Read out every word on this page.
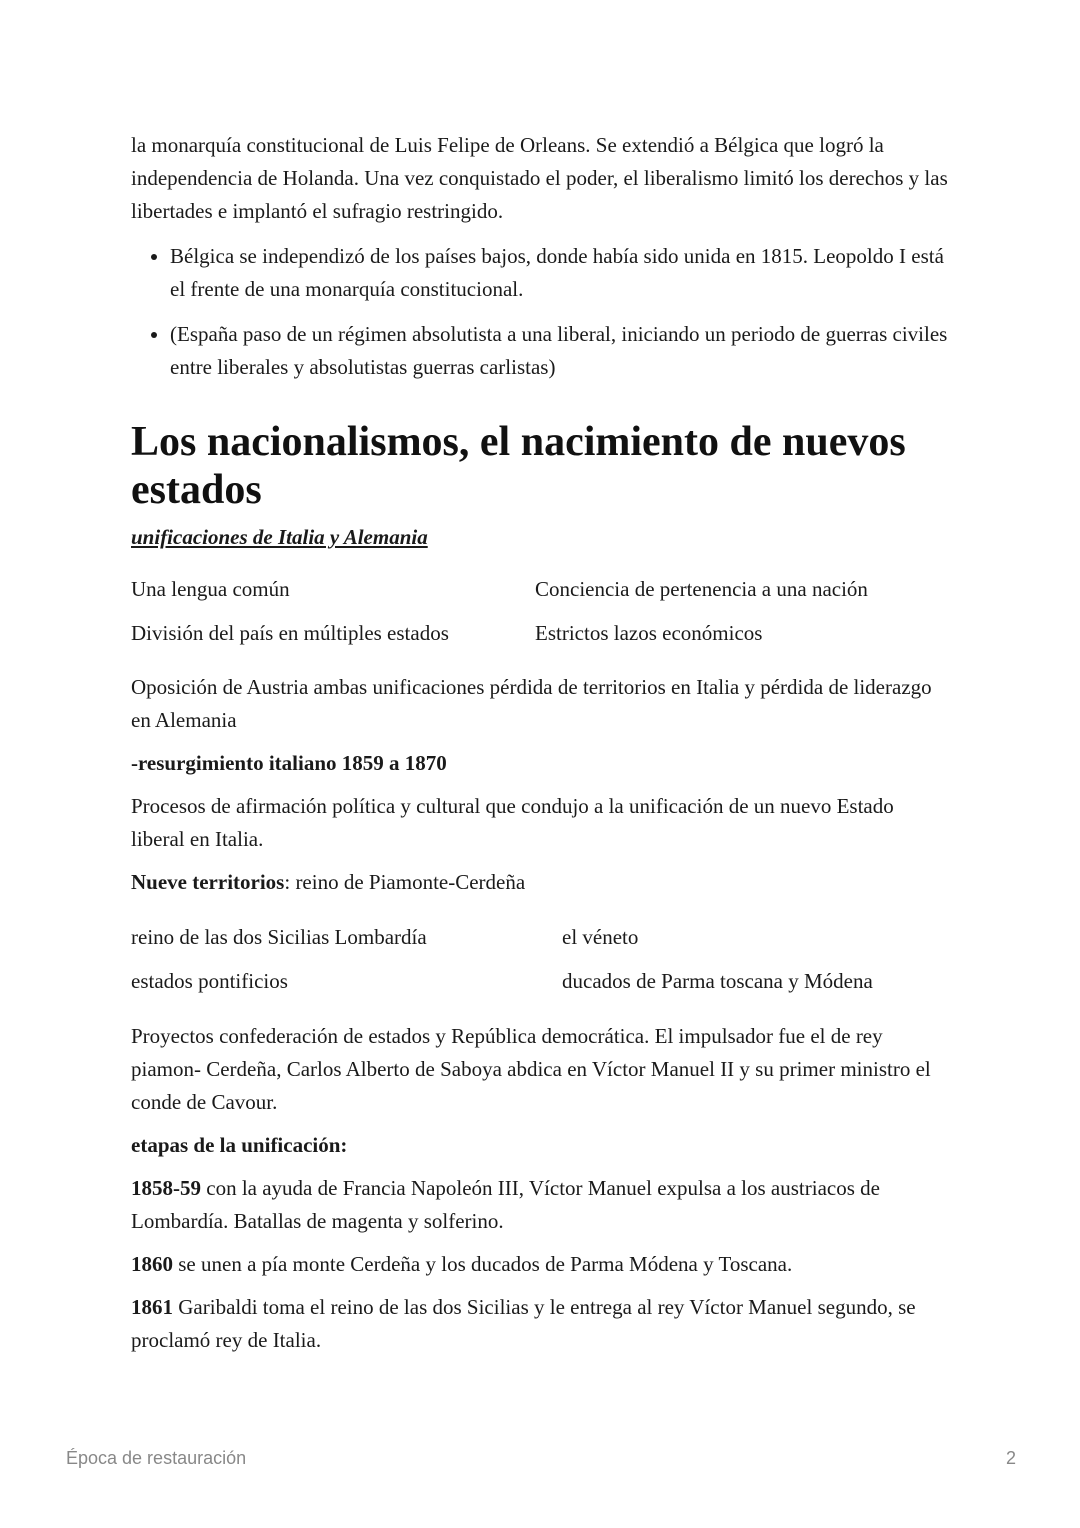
la monarquía constitucional de Luis Felipe de Orleans. Se extendió a Bélgica que logró la independencia de Holanda. Una vez conquistado el poder, el liberalismo limitó los derechos y las libertades e implantó el sufragio restringido.

• Bélgica se independizó de los países bajos, donde había sido unida en 1815. Leopoldo I está el frente de una monarquía constitucional.
• (España paso de un régimen absolutista a una liberal, iniciando un periodo de guerras civiles entre liberales y absolutistas guerras carlistas)
Los nacionalismos, el nacimiento de nuevos estados
unificaciones de Italia y Alemania
Una lengua común	Conciencia de pertenencia a una nación
División del país en múltiples estados	Estrictos lazos económicos

Oposición de Austria ambas unificaciones pérdida de territorios en Italia y pérdida de liderazgo en Alemania

-resurgimiento italiano 1859 a 1870

Procesos de afirmación política y cultural que condujo a la unificación de un nuevo Estado liberal en Italia.

Nueve territorios: reino de Piamonte-Cerdeña

reino de las dos Sicilias Lombardía	el véneto
estados pontificios	ducados de Parma toscana y Módena

Proyectos confederación de estados y República democrática. El impulsador fue el de rey piamon- Cerdeña, Carlos Alberto de Saboya abdica en Víctor Manuel II y su primer ministro el conde de Cavour.

etapas de la unificación:

1858-59 con la ayuda de Francia Napoleón III, Víctor Manuel expulsa a los austriacos de Lombardía. Batallas de magenta y solferino.

1860 se unen a pía monte Cerdeña y los ducados de Parma Módena y Toscana.

1861 Garibaldi toma el reino de las dos Sicilias y le entrega al rey Víctor Manuel segundo, se proclamó rey de Italia.

Época de restauración	2
